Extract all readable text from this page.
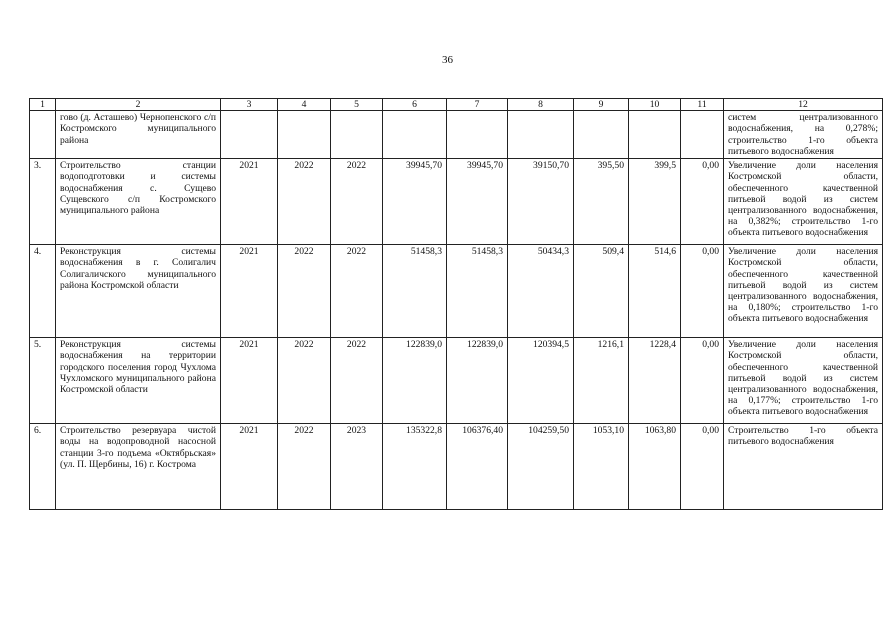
36
1	2	3	4	5	6	7	8	9	10	11	12
	гово (д. Асташево) Чернопенского с/п Костромского муниципального района										систем централизованного водоснабжения, на 0,278%; строительство 1-го объекта питьевого водоснабжения
3.	Строительство станции водоподготовки и системы водоснабжения с. Сущево Сущевского с/п Костромского муниципального района	2021	2022	2022	39945,70	39945,70	39150,70	395,50	399,5	0,00	Увеличение доли населения Костромской области, обеспеченного качественной питьевой водой из систем централизованного водоснабжения, на 0,382%; строительство 1-го объекта питьевого водоснабжения
4.	Реконструкция системы водоснабжения в г. Солигалич Солигаличского муниципального района Костромской области	2021	2022	2022	51458,3	51458,3	50434,3	509,4	514,6	0,00	Увеличение доли населения Костромской области, обеспеченного качественной питьевой водой из систем централизованного водоснабжения, на 0,180%; строительство 1-го объекта питьевого водоснабжения
5.	Реконструкция системы водоснабжения на территории городского поселения город Чухлома Чухломского муниципального района Костромской области	2021	2022	2022	122839,0	122839,0	120394,5	1216,1	1228,4	0,00	Увеличение доли населения Костромской области, обеспеченного качественной питьевой водой из систем централизованного водоснабжения, на 0,177%; строительство 1-го объекта питьевого водоснабжения
6.	Строительство резервуара чистой воды на водопроводной насосной станции 3-го подъема «Октябрьская» (ул. П. Щербины, 16) г. Кострома	2021	2022	2023	135322,8	106376,40	104259,50	1053,10	1063,80	0,00	Строительство 1-го объекта питьевого водоснабжения
